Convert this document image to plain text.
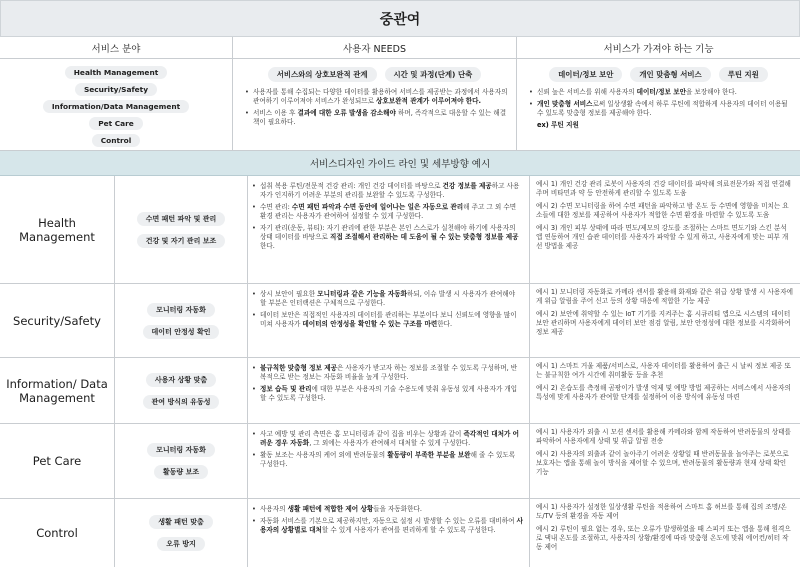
중관여
서비스 분야	사용자 NEEDS	서비스가 가져야 하는 기능
Health Management
Security/Safety
Information/Data Management
Pet Care
Control
서비스와의 상호보완적 관계	시간 및 과정(단계) 단축
• 사용자를 통해 수집되는 다양한 데이터를 활용하여 서비스를 제공받는 과정에서 사용자의 관여하기 이루어져야 서비스가 완성되므로 상호보완적 관계가 이루어져야 한다.
• 서비스 이용 후 결과에 대한 오류 발생을 감소해야 하며, 즉각적으로 대응할 수 있는 해결책이 필요하다.
데이터/정보 보안	개인 맞춤형 서비스	루틴 지원
• 신뢰 높은 서비스를 위해 사용자의 데이터/정보 보안을 보장해야 한다.
• 개인 맞춤형 서비스로써 일상생활 속에서 하루 루틴에 적합하게 사용자의 데이터 이용될 수 있도록 맞춤형 정보를 제공해야 한다.
ex) 루틴 지원
서비스디자인 가이드 라인 및 세부방향 예시
Health Management
수면 패턴 파악 및 관리
건강 및 자기 관리 보조
• 섭취 복용 루틴/전문적 건강 관리: 개인 건강 데이터를 바탕으로 건강 정보를 제공하고 사용자가 인지하기 어려운 부분의 관리를 보완할 수 있도록 구성한다.
• 수면 관리: 수면 패턴 파악과 수면 동안에 일어나는 일은 자동으로 관리해 주고 그 외 수면 환경 관리는 사용자가 관여하여 설정할 수 있게 구성한다.
• 자기 관리(운동, 뷰티): 자기 관리에 관한 부분은 본인 스스로가 실천해야 하기에 사용자의 상태 데이터를 바탕으로 직접 조절해서 관리하는 데 도움이 될 수 있는 맞춤형 정보를 제공한다.
예시 1) 개인 건강 관리 로봇이 사용자의 건강 데이터를 파악해 의료전문가와 직접 연결해 주며 비타민과 약 등 안전하게 관리할 수 있도록 도움
예시 2) 수면 모니터링을 하여 수면 패턴을 파악하고 밤 온도 등 수면에 영향을 미치는 요소들에 대한 정보를 제공하여 사용자가 적합한 수면 환경을 마련할 수 있도록 도움
예시 3) 개인 피부 상태에 따라 면도/제모의 강도를 조절하는 스마트 면도기와 스킨 분석 앱 연동하여 개인 습관 데이터를 사용자가 파악할 수 있게 하고, 사용자에게 맞는 피부 개선 방법을 제공
Security/Safety
모니터링 자동화
데이터 안정성 확인
• 상시 보안이 필요한 모니터링과 같은 기능을 자동화하되, 이슈 발생 시 사용자가 관여해야 할 부분은 인터랙션은 구체적으로 구성한다.
• 데이터 보안은 직접적인 사용자의 데이터를 관리하는 부분이다 보니 신뢰도에 영향을 많이 미쳐 사용자가 데이터의 안정성을 확인할 수 있는 구조를 마련한다.
예시 1) 모니터링 자동화로 카메라 센서를 활용해 화재와 같은 위급 상황 발생 시 사용자에게 위급 알림을 주어 신고 등의 상황 대응에 적합한 기능 제공
예시 2) 보안에 취약할 수 있는 IoT 기기를 지켜주는 홈 시큐리티 앱으로 시스템의 데이터 보안 관리하며 사용자에게 데이터 보안 점검 알림, 보안 안정성에 대한 정보를 시각화하여 정보 제공
Information/ Data Management
사용자 상황 맞춤
관여 방식의 유동성
• 불규칙한 맞춤형 정보 제공은 사용자가 받고자 하는 정보를 조절할 수 있도록 구성하며, 반복적으로 받는 정보는 자동화 비율을 높게 구성한다.
• 정보 습득 및 관리에 대한 부분은 사용자의 기술 수용도에 맞춰 유동성 있게 사용자가 개입할 수 있도록 구성한다.
예시 1) 스마트 거울 제품/서비스로, 사용자 데이터를 활용하여 출근 시 날씨 정보 제공 또는 불규칙한 여가 시간에 취미활동 등을 추천
예시 2) 온습도를 측정해 곰팡이가 발생 억제 및 예방 방법 제공하는 서비스에서 사용자의 특성에 맞게 사용자가 관여할 단계를 설정하여 이용 방식에 유동성 마련
Pet Care
모니터링 자동화
활동량 보조
• 사고 예방 및 관리 측면은 홈 모니터링과 같이 집을 비우는 상황과 같이 즉각적인 대처가 어려운 경우 자동화, 그 외에는 사용자가 관여해서 대처할 수 있게 구성한다.
• 활동 보조는 사용자의 케어 외에 반려동물의 활동량이 부족한 부분을 보완해 줄 수 있도록 구성한다.
예시 1) 사용자가 외출 시 모션 센서를 활용해 카메라와 함께 작동하여 반려동물의 상태를 파악하여 사용자에게 상태 및 위급 알림 전송
예시 2) 사용자의 외출과 같이 놀아주기 어려운 상황일 때 반려동물을 놀아주는 로봇으로 보호자는 앱을 통해 놀이 방식을 제어할 수 있으며, 반려동물의 활동량과 현재 상태 확인 기능
Control
생활 패턴 맞춤
오류 방지
• 사용자의 생활 패턴에 적합한 제어 상황들을 자동화한다.
• 자동화 서비스를 기본으로 제공하지만, 자동으로 설정 시 발생할 수 있는 오류를 대비하여 사용자의 상황별로 대처할 수 있게 사용자가 관여를 편리하게 할 수 있도록 구성한다.
예시 1) 사용자가 설정한 일상생활 루틴을 적용하여 스마트 홈 허브를 통해 집의 조명/온도/TV 등의 환경을 자동 제어
예시 2) 루틴이 필요 없는 경우, 또는 오류가 발생하였을 때 스피커 또는 앱을 통해 원격으로 댁내 온도를 조절하고, 사용자의 상황/환경에 따라 맞춤형 온도에 맞춰 에어컨/히터 작동 제어
